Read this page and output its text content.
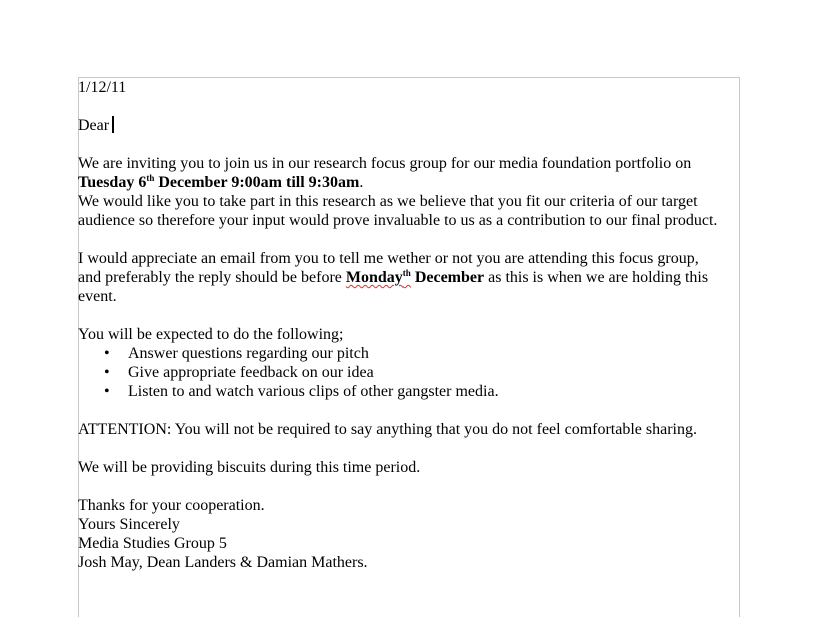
1/12/11

Dear

We are inviting you to join us in our research focus group for our media foundation portfolio on
Tuesday 6th December 9:00am till 9:30am.

We would like you to take part in this research as we believe that you fit our criteria of our target
audience so therefore your input would prove invaluable to us as a contribution to our final product.

I would appreciate an email from you to tell me wether or not you are attending this focus group,
and preferably the reply should be before Monday$^{th}$ December as this is when we are holding this
event.

You will be expected to do the following;

• Answer questions regarding our pitch
• Give appropriate feedback on our idea
• Listen to and watch various clips of other gangster media.

ATTENTION: You will not be required to say anything that you do not feel comfortable sharing.

We will be providing biscuits during this time period.

Thanks for your cooperation.

Yours Sincerely

Media Studies Group 5

Josh May, Dean Landers & Damian Mathers.
